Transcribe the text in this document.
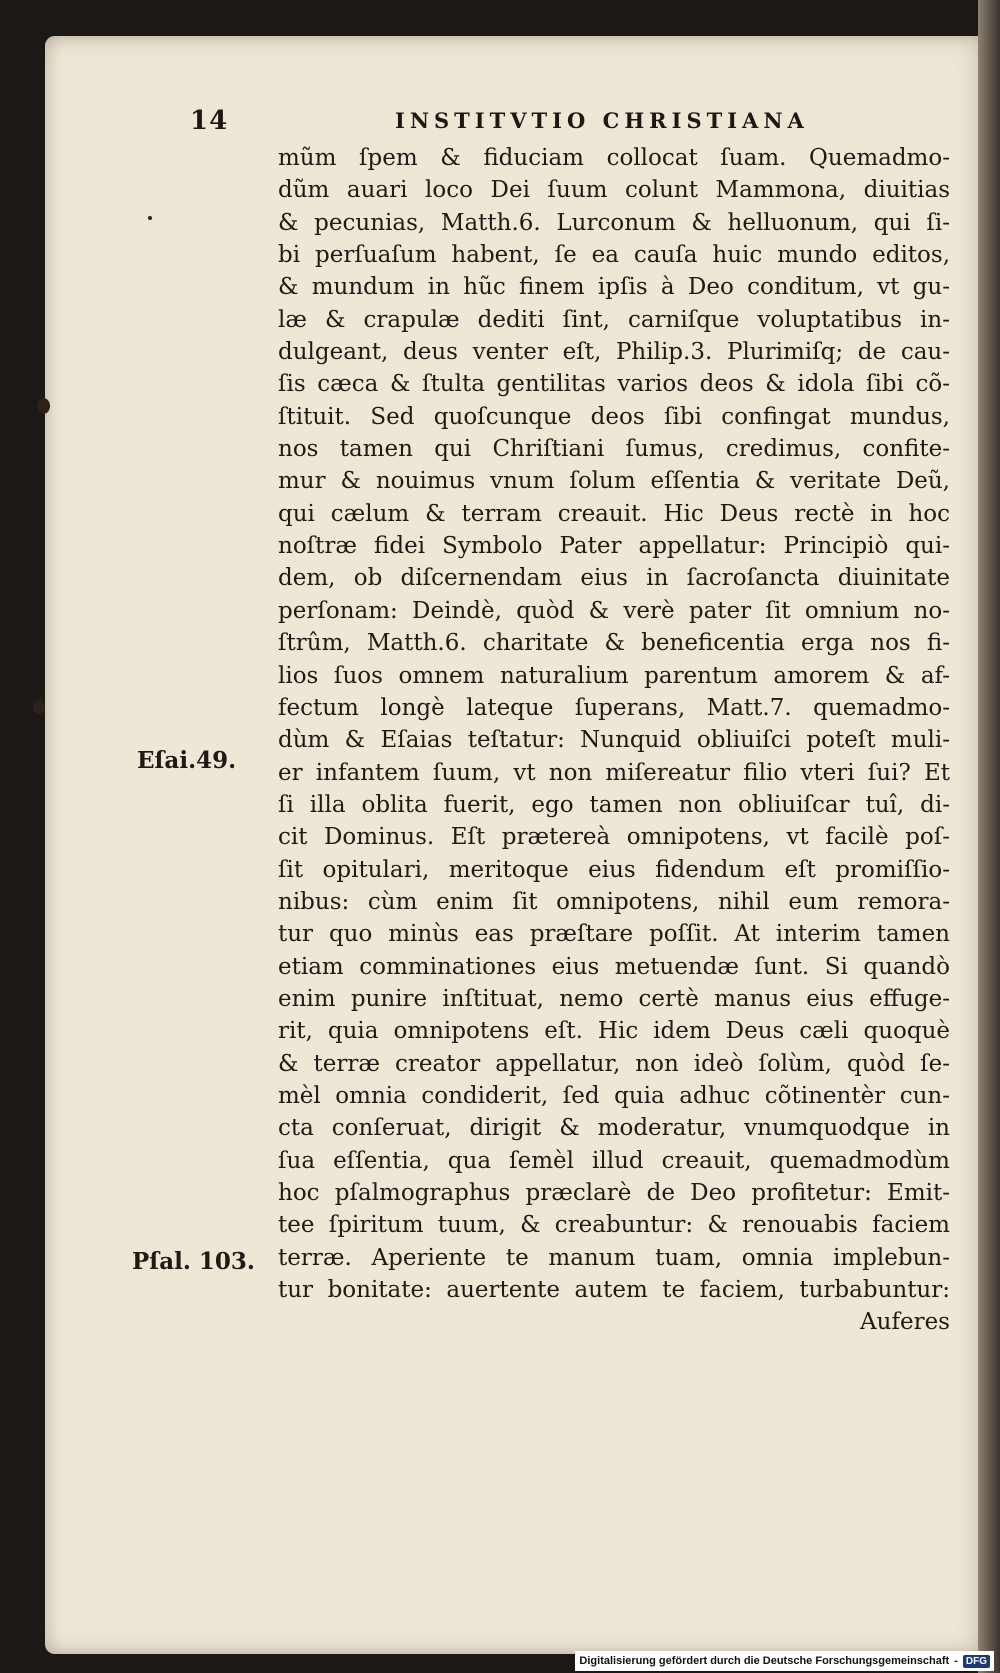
14	INSTITVTIO CHRISTIANA
Eſai.49.
Pſal. 103.
mũm ſpem & fiduciam collocat ſuam. Quemadmo-
dũm auari loco Dei ſuum colunt Mammona, diuitias
& pecunias, Matth.6. Lurconum & helluonum, qui ſi-
bi perſuaſum habent, ſe ea cauſa huic mundo editos,
& mundum in hũc finem ipſis à Deo conditum, vt gu-
læ & crapulæ dediti ſint, carniſque voluptatibus in-
dulgeant, deus venter eſt, Philip.3. Plurimiſq; de cau-
ſis cæca & ſtulta gentilitas varios deos & idola ſibi cõ-
ſtituit. Sed quoſcunque deos ſibi confingat mundus,
nos tamen qui Chriſtiani ſumus, credimus, confite-
mur & nouimus vnum ſolum eſſentia & veritate Deũ,
qui cælum & terram creauit. Hic Deus rectè in hoc
noſtræ fidei Symbolo Pater appellatur: Principiò qui-
dem, ob diſcernendam eius in ſacroſancta diuinitate
perſonam: Deindè, quòd & verè pater ſit omnium no-
ſtrûm, Matth.6. charitate & beneficentia erga nos fi-
lios ſuos omnem naturalium parentum amorem & af-
fectum longè lateque ſuperans, Matt.7. quemadmo-
dùm & Eſaias teſtatur: Nunquid obliuiſci poteſt muli-
er infantem ſuum, vt non miſereatur filio vteri ſui? Et
ſi illa oblita fuerit, ego tamen non obliuiſcar tuî, di-
cit Dominus. Eſt prætereà omnipotens, vt facilè poſ-
ſit opitulari, meritoque eius fidendum eſt promiſſio-
nibus: cùm enim ſit omnipotens, nihil eum remora-
tur quo minùs eas præſtare poſſit. At interim tamen
etiam comminationes eius metuendæ ſunt. Si quandò
enim punire inſtituat, nemo certè manus eius effuge-
rit, quia omnipotens eſt. Hic idem Deus cæli quoquè
& terræ creator appellatur, non ideò ſolùm, quòd ſe-
mèl omnia condiderit, ſed quia adhuc cõtinentèr cun-
cta conſeruat, dirigit & moderatur, vnumquodque in
ſua eſſentia, qua ſemèl illud creauit, quemadmodùm
hoc pſalmographus præclarè de Deo profitetur: Emit-
tee ſpiritum tuum, & creabuntur: & renouabis faciem
terræ. Aperiente te manum tuam, omnia implebun-
tur bonitate: auertente autem te faciem, turbabuntur:
Auferes
Digitalisierung gefördert durch die Deutsche Forschungsgemeinschaft - DFG
